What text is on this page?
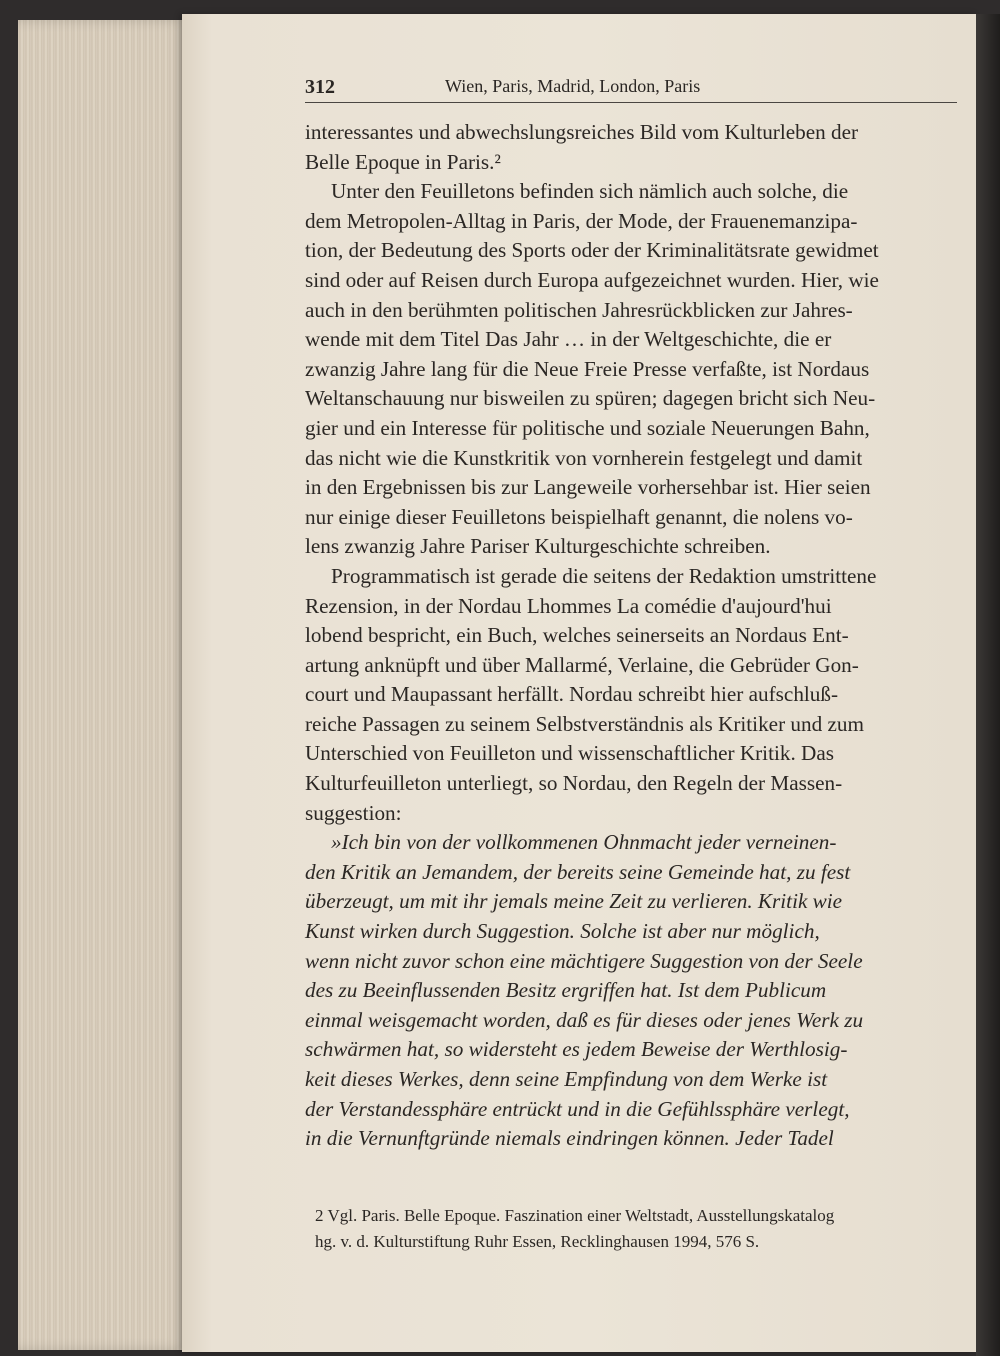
312	Wien, Paris, Madrid, London, Paris
interessantes und abwechslungsreiches Bild vom Kulturleben der
Belle Epoque in Paris.²
Unter den Feuilletons befinden sich nämlich auch solche, die
dem Metropolen-Alltag in Paris, der Mode, der Frauenemanzipa-
tion, der Bedeutung des Sports oder der Kriminalitätsrate gewidmet
sind oder auf Reisen durch Europa aufgezeichnet wurden. Hier, wie
auch in den berühmten politischen Jahresrückblicken zur Jahres-
wende mit dem Titel Das Jahr … in der Weltgeschichte, die er
zwanzig Jahre lang für die Neue Freie Presse verfaßte, ist Nordaus
Weltanschauung nur bisweilen zu spüren; dagegen bricht sich Neu-
gier und ein Interesse für politische und soziale Neuerungen Bahn,
das nicht wie die Kunstkritik von vornherein festgelegt und damit
in den Ergebnissen bis zur Langeweile vorhersehbar ist. Hier seien
nur einige dieser Feuilletons beispielhaft genannt, die nolens vo-
lens zwanzig Jahre Pariser Kulturgeschichte schreiben.
Programmatisch ist gerade die seitens der Redaktion umstrittene
Rezension, in der Nordau Lhommes La comédie d'aujourd'hui
lobend bespricht, ein Buch, welches seinerseits an Nordaus Ent-
artung anknüpft und über Mallarmé, Verlaine, die Gebrüder Gon-
court und Maupassant herfällt. Nordau schreibt hier aufschluß-
reiche Passagen zu seinem Selbstverständnis als Kritiker und zum
Unterschied von Feuilleton und wissenschaftlicher Kritik. Das
Kulturfeuilleton unterliegt, so Nordau, den Regeln der Massen-
suggestion:
»Ich bin von der vollkommenen Ohnmacht jeder verneinen-
den Kritik an Jemandem, der bereits seine Gemeinde hat, zu fest
überzeugt, um mit ihr jemals meine Zeit zu verlieren. Kritik wie
Kunst wirken durch Suggestion. Solche ist aber nur möglich,
wenn nicht zuvor schon eine mächtigere Suggestion von der Seele
des zu Beeinflussenden Besitz ergriffen hat. Ist dem Publicum
einmal weisgemacht worden, daß es für dieses oder jenes Werk zu
schwärmen hat, so widersteht es jedem Beweise der Werthlosig-
keit dieses Werkes, denn seine Empfindung von dem Werke ist
der Verstandessphäre entrückt und in die Gefühlssphäre verlegt,
in die Vernunftgründe niemals eindringen können. Jeder Tadel
2 Vgl. Paris. Belle Epoque. Faszination einer Weltstadt, Ausstellungskatalog
hg. v. d. Kulturstiftung Ruhr Essen, Recklinghausen 1994, 576 S.
